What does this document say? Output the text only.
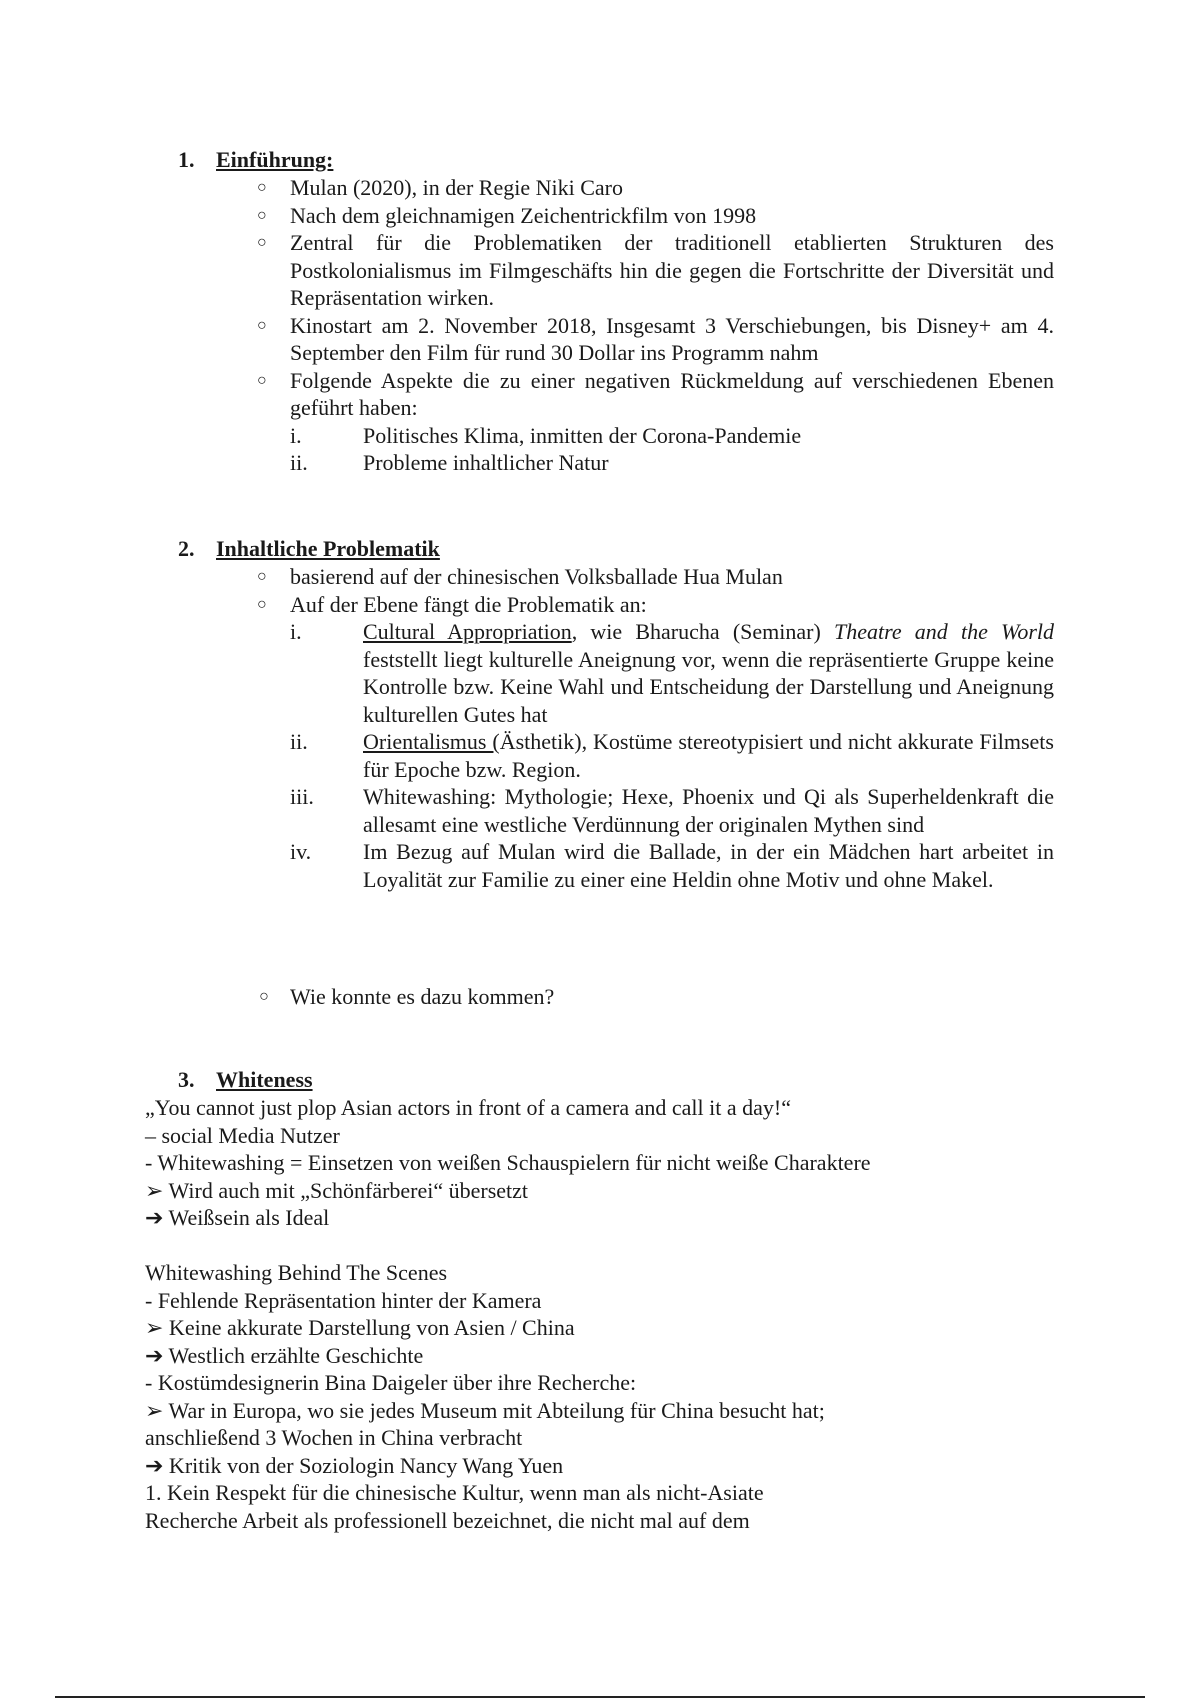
1. Einführung:
○ Mulan (2020), in der Regie Niki Caro
○ Nach dem gleichnamigen Zeichentrickfilm von 1998
○ Zentral für die Problematiken der traditionell etablierten Strukturen des Postkolonialismus im Filmgeschäfts hin die gegen die Fortschritte der Diversität und Repräsentation wirken.
○ Kinostart am 2. November 2018, Insgesamt 3 Verschiebungen, bis Disney+ am 4. September den Film für rund 30 Dollar ins Programm nahm
○ Folgende Aspekte die zu einer negativen Rückmeldung auf verschiedenen Ebenen geführt haben:
i.	Politisches Klima, inmitten der Corona-Pandemie
ii.	Probleme inhaltlicher Natur
2. Inhaltliche Problematik
○ basierend auf der chinesischen Volksballade Hua Mulan
○ Auf der Ebene fängt die Problematik an:
i.	Cultural Appropriation, wie Bharucha (Seminar) Theatre and the World feststellt liegt kulturelle Aneignung vor, wenn die repräsentierte Gruppe keine Kontrolle bzw. Keine Wahl und Entscheidung der Darstellung und Aneignung kulturellen Gutes hat
ii.	Orientalismus (Ästhetik), Kostüme stereotypisiert und nicht akkurate Filmsets für Epoche bzw. Region.
iii.	Whitewashing: Mythologie; Hexe, Phoenix und Qi als Superheldenkraft die allesamt eine westliche Verdünnung der originalen Mythen sind
iv.	Im Bezug auf Mulan wird die Ballade, in der ein Mädchen hart arbeitet in Loyalität zur Familie zu einer eine Heldin ohne Motiv und ohne Makel.
○ Wie konnte es dazu kommen?
3. Whiteness

„You cannot just plop Asian actors in front of a camera and call it a day!“

– social Media Nutzer

- Whitewashing = Einsetzen von weißen Schauspielern für nicht weiße Charaktere

➢ Wird auch mit „Schönfärberei“ übersetzt

➔ Weißsein als Ideal

Whitewashing Behind The Scenes

- Fehlende Repräsentation hinter der Kamera

➢ Keine akkurate Darstellung von Asien / China

➔ Westlich erzählte Geschichte

- Kostümdesignerin Bina Daigeler über ihre Recherche:

➢ War in Europa, wo sie jedes Museum mit Abteilung für China besucht hat;

anschließend 3 Wochen in China verbracht

➔ Kritik von der Soziologin Nancy Wang Yuen

1. Kein Respekt für die chinesische Kultur, wenn man als nicht-Asiate

Recherche Arbeit als professionell bezeichnet, die nicht mal auf dem
